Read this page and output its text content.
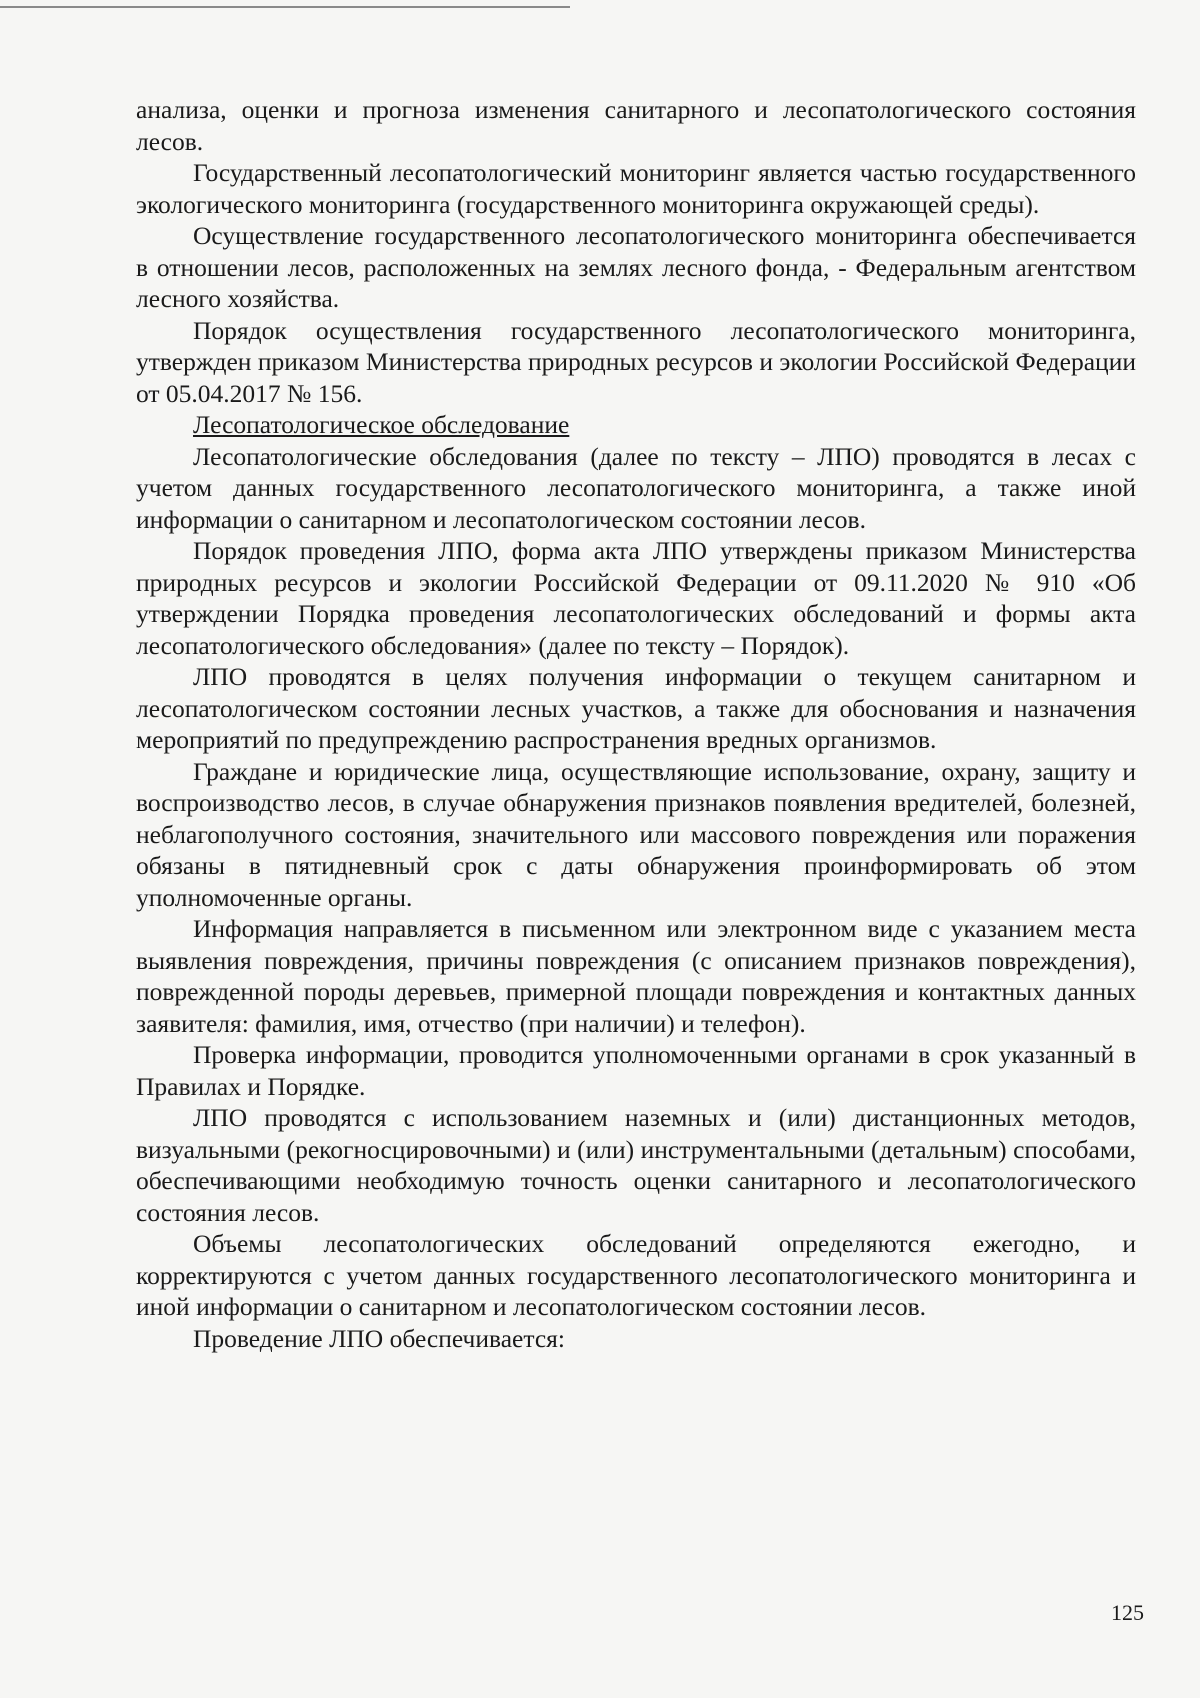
анализа, оценки и прогноза изменения санитарного и лесопатологического состояния лесов.

Государственный лесопатологический мониторинг является частью государственного экологического мониторинга (государственного мониторинга окружающей среды).

Осуществление государственного лесопатологического мониторинга обеспечивается в отношении лесов, расположенных на землях лесного фонда, - Федеральным агентством лесного хозяйства.

Порядок осуществления государственного лесопатологического мониторинга, утвержден приказом Министерства природных ресурсов и экологии Российской Федерации от 05.04.2017 № 156.

Лесопатологическое обследование

Лесопатологические обследования (далее по тексту – ЛПО) проводятся в лесах с учетом данных государственного лесопатологического мониторинга, а также иной информации о санитарном и лесопатологическом состоянии лесов.

Порядок проведения ЛПО, форма акта ЛПО утверждены приказом Министерства природных ресурсов и экологии Российской Федерации от 09.11.2020 № 910 «Об утверждении Порядка проведения лесопатологических обследований и формы акта лесопатологического обследования» (далее по тексту – Порядок).

ЛПО проводятся в целях получения информации о текущем санитарном и лесопатологическом состоянии лесных участков, а также для обоснования и назначения мероприятий по предупреждению распространения вредных организмов.

Граждане и юридические лица, осуществляющие использование, охрану, защиту и воспроизводство лесов, в случае обнаружения признаков появления вредителей, болезней, неблагополучного состояния, значительного или массового повреждения или поражения обязаны в пятидневный срок с даты обнаружения проинформировать об этом уполномоченные органы.

Информация направляется в письменном или электронном виде с указанием места выявления повреждения, причины повреждения (с описанием признаков повреждения), поврежденной породы деревьев, примерной площади повреждения и контактных данных заявителя: фамилия, имя, отчество (при наличии) и телефон).

Проверка информации, проводится уполномоченными органами в срок указанный в Правилах и Порядке.

ЛПО проводятся с использованием наземных и (или) дистанционных методов, визуальными (рекогносцировочными) и (или) инструментальными (детальным) способами, обеспечивающими необходимую точность оценки санитарного и лесопатологического состояния лесов.

Объемы лесопатологических обследований определяются ежегодно, и корректируются с учетом данных государственного лесопатологического мониторинга и иной информации о санитарном и лесопатологическом состоянии лесов.

Проведение ЛПО обеспечивается:

125
